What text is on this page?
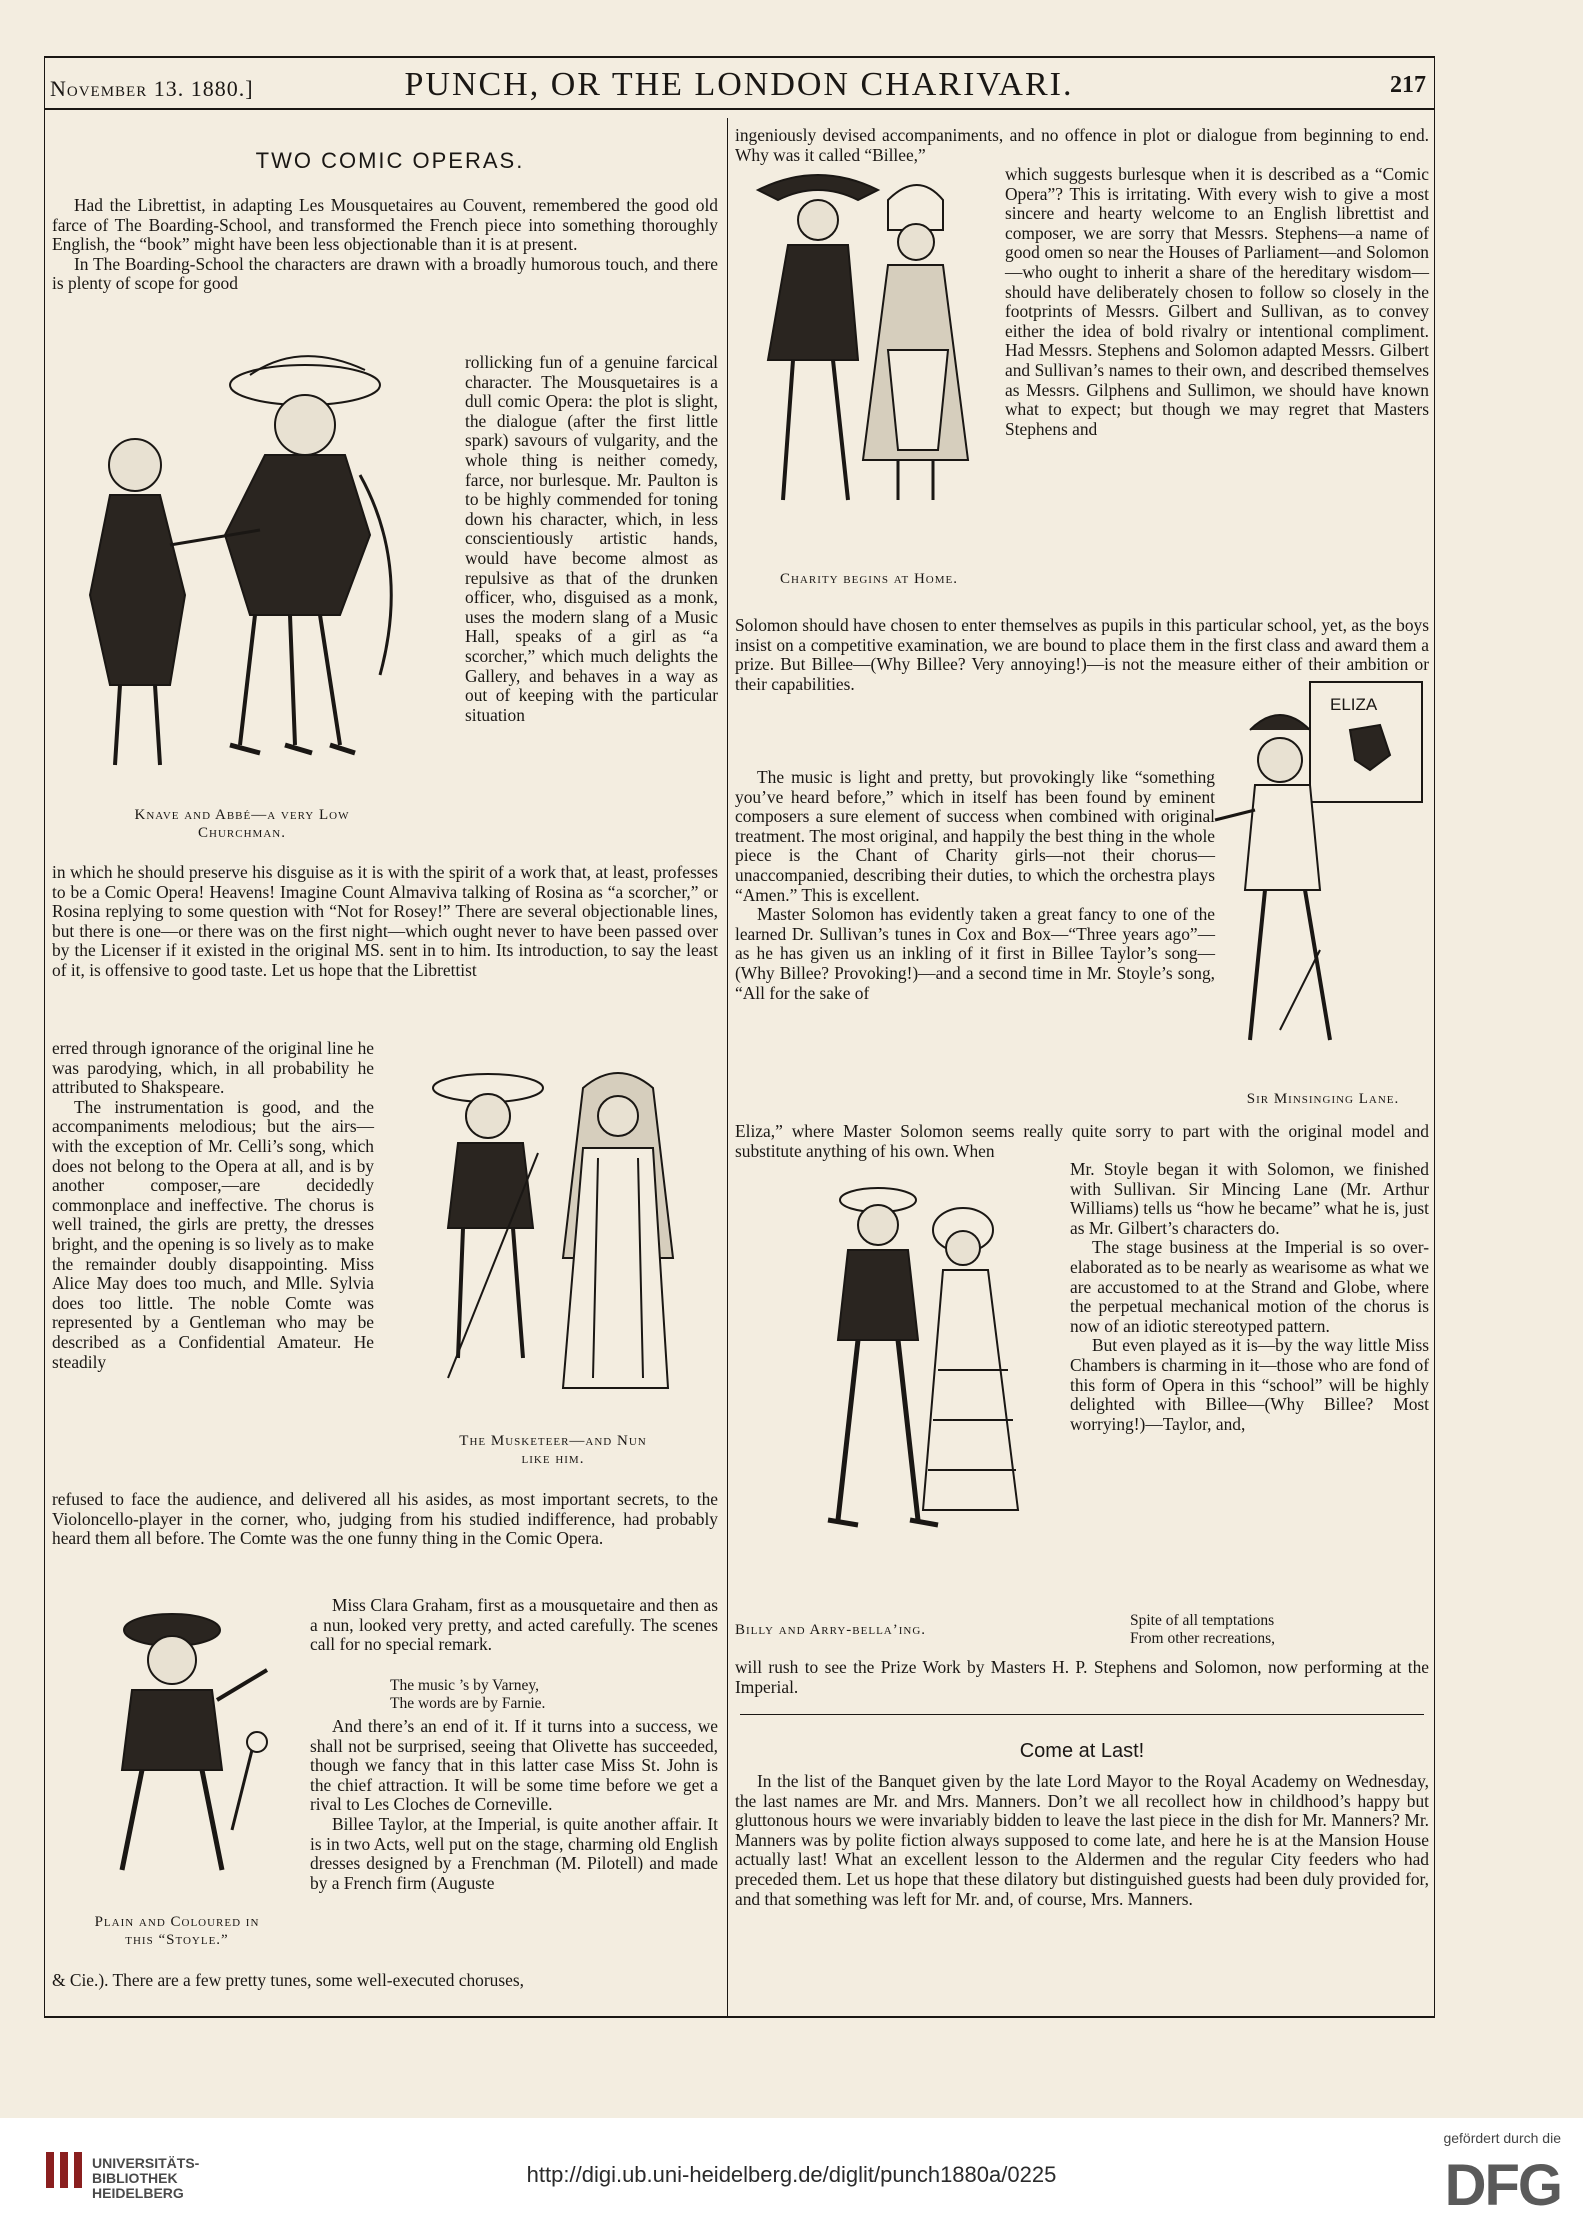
November 13. 1880.]	PUNCH, OR THE LONDON CHARIVARI.	217
TWO COMIC OPERAS.

Had the Librettist, in adapting Les Mousquetaires au Couvent, remembered the good old farce of The Boarding-School, and transformed the French piece into something thoroughly English, the “book” might have been less objectionable than it is at present.

In The Boarding-School the characters are drawn with a broadly humorous touch, and there is plenty of scope for good

Knave and Abbé—a very Low
Churchman.

rollicking fun of a genuine farcical character. The Mousquetaires is a dull comic Opera: the plot is slight, the dialogue (after the first little spark) savours of vulgarity, and the whole thing is neither comedy, farce, nor burlesque. Mr. Paulton is to be highly commended for toning down his character, which, in less conscientiously artistic hands, would have become almost as repulsive as that of the drunken officer, who, disguised as a monk, uses the modern slang of a Music Hall, speaks of a girl as “a scorcher,” which much delights the Gallery, and behaves in a way as out of keeping with the particular situation

in which he should preserve his disguise as it is with the spirit of a work that, at least, professes to be a Comic Opera! Heavens! Imagine Count Almaviva talking of Rosina as “a scorcher,” or Rosina replying to some question with “Not for Rosey!” There are several objectionable lines, but there is one—or there was on the first night—which ought never to have been passed over by the Licenser if it existed in the original MS. sent in to him. Its introduction, to say the least of it, is offensive to good taste. Let us hope that the Librettist

erred through ignorance of the original line he was parodying, which, in all probability he attributed to Shakspeare.

The instrumentation is good, and the accompaniments melodious; but the airs—with the exception of Mr. Celli’s song, which does not belong to the Opera at all, and is by another composer,—are decidedly commonplace and ineffective. The chorus is well trained, the girls are pretty, the dresses bright, and the opening is so lively as to make the remainder doubly disappointing. Miss Alice May does too much, and Mlle. Sylvia does too little. The noble Comte was represented by a Gentleman who may be described as a Confidential Amateur. He steadily

The Musketeer—and Nun
like him.

refused to face the audience, and delivered all his asides, as most important secrets, to the Violoncello-player in the corner, who, judging from his studied indifference, had probably heard them all before. The Comte was the one funny thing in the Comic Opera.

Plain and Coloured in
this “Stoyle.”

Miss Clara Graham, first as a mousquetaire and then as a nun, looked very pretty, and acted carefully. The scenes call for no special remark.

The music ’s by Varney,
The words are by Farnie.

And there’s an end of it. If it turns into a success, we shall not be surprised, seeing that Olivette has succeeded, though we fancy that in this latter case Miss St. John is the chief attraction. It will be some time before we get a rival to Les Cloches de Corneville.

Billee Taylor, at the Imperial, is quite another affair. It is in two Acts, well put on the stage, charming old English dresses designed by a Frenchman (M. Pilotell) and made by a French firm (Auguste

& Cie.). There are a few pretty tunes, some well-executed choruses,

ingeniously devised accompaniments, and no offence in plot or dialogue from beginning to end. Why was it called “Billee,”

Charity begins at Home.

which suggests burlesque when it is described as a “Comic Opera”? This is irritating. With every wish to give a most sincere and hearty welcome to an English librettist and composer, we are sorry that Messrs. Stephens—a name of good omen so near the Houses of Parliament—and Solomon—who ought to inherit a share of the hereditary wisdom—should have deliberately chosen to follow so closely in the footprints of Messrs. Gilbert and Sullivan, as to convey either the idea of bold rivalry or intentional compliment. Had Messrs. Stephens and Solomon adapted Messrs. Gilbert and Sullivan’s names to their own, and described themselves as Messrs. Gilphens and Sullimon, we should have known what to expect; but though we may regret that Masters Stephens and

Solomon should have chosen to enter themselves as pupils in this particular school, yet, as the boys insist on a competitive examination, we are bound to place them in the first class and award them a prize. But Billee—(Why Billee? Very annoying!)—is not the measure either of their ambition or their capabilities.

ELIZA

The music is light and pretty, but provokingly like “something you’ve heard before,” which in itself has been found by eminent composers a sure element of success when combined with original treatment. The most original, and happily the best thing in the whole piece is the Chant of Charity girls—not their chorus—unaccompanied, describing their duties, to which the orchestra plays “Amen.” This is excellent.

Master Solomon has evidently taken a great fancy to one of the learned Dr. Sullivan’s tunes in Cox and Box—“Three years ago”—as he has given us an inkling of it first in Billee Taylor’s song—(Why Billee? Provoking!)—and a second time in Mr. Stoyle’s song, “All for the sake of

Sir Minsinging Lane.

Eliza,” where Master Solomon seems really quite sorry to part with the original model and substitute anything of his own. When

Billy and Arry-bella’ing.

Mr. Stoyle began it with Solomon, we finished with Sullivan. Sir Mincing Lane (Mr. Arthur Williams) tells us “how he became” what he is, just as Mr. Gilbert’s characters do.

The stage business at the Imperial is so over-elaborated as to be nearly as wearisome as what we are accustomed to at the Strand and Globe, where the perpetual mechanical motion of the chorus is now of an idiotic stereotyped pattern.

But even played as it is—by the way little Miss Chambers is charming in it—those who are fond of this form of Opera in this “school” will be highly delighted with Billee—(Why Billee? Most worrying!)—Taylor, and,

Spite of all temptations
From other recreations,

will rush to see the Prize Work by Masters H. P. Stephens and Solomon, now performing at the Imperial.

Come at Last!

In the list of the Banquet given by the late Lord Mayor to the Royal Academy on Wednesday, the last names are Mr. and Mrs. Manners. Don’t we all recollect how in childhood’s happy but gluttonous hours we were invariably bidden to leave the last piece in the dish for Mr. Manners? Mr. Manners was by polite fiction always supposed to come late, and here he is at the Mansion House actually last! What an excellent lesson to the Aldermen and the regular City feeders who had preceded them. Let us hope that these dilatory but distinguished guests had been duly provided for, and that something was left for Mr. and, of course, Mrs. Manners.

UNIVERSITÄTS-
BIBLIOTHEK
HEIDELBERG
http://digi.ub.uni-heidelberg.de/diglit/punch1880a/0225
gefördert durch die
DFG
